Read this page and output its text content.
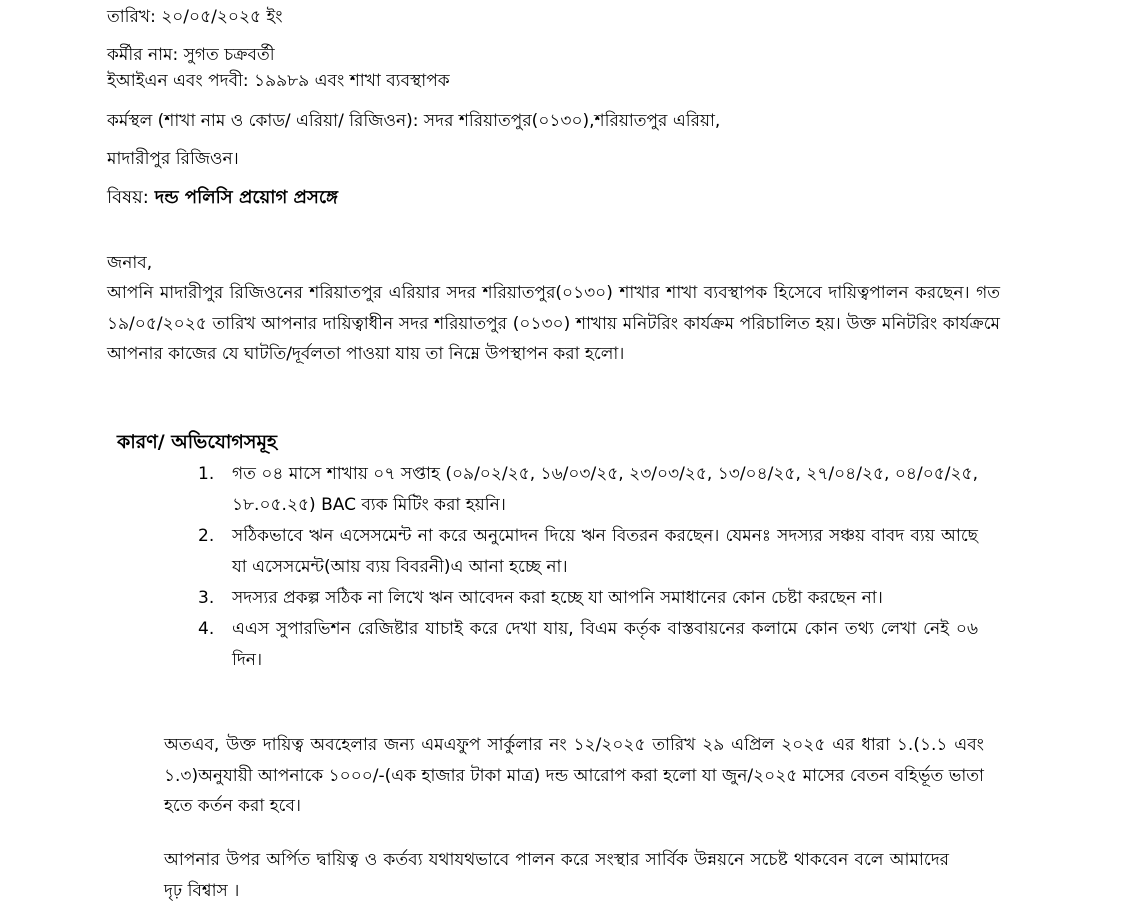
তারিখ: ২০/০৫/২০২৫ ইং

কর্মীর নাম: সুগত চক্রবর্তী

ইআইএন এবং পদবী: ১৯৯৮৯ এবং শাখা ব্যবস্থাপক

কর্মস্থল (শাখা নাম ও কোড/ এরিয়া/ রিজিওন): সদর শরিয়াতপুর(০১৩০),শরিয়াতপুর এরিয়া,

মাদারীপুর রিজিওন।

বিষয়: দন্ড পলিসি প্রয়োগ প্রসঙ্গে

জনাব,

আপনি মাদারীপুর রিজিওনের শরিয়াতপুর এরিয়ার সদর শরিয়াতপুর(০১৩০) শাখার শাখা ব্যবস্থাপক হিসেবে দায়িত্বপালন করছেন। গত ১৯/০৫/২০২৫ তারিখ আপনার দায়িত্বাধীন সদর শরিয়াতপুর (০১৩০) শাখায় মনিটরিং কার্যক্রম পরিচালিত হয়। উক্ত মনিটরিং কার্যক্রমে আপনার কাজের যে ঘাটতি/দূর্বলতা পাওয়া যায় তা নিম্নে উপস্থাপন করা হলো।

কারণ/ অভিযোগসমূহ
1.	গত ০৪ মাসে শাখায় ০৭ সপ্তাহ (০৯/০২/২৫, ১৬/০৩/২৫, ২৩/০৩/২৫, ১৩/০৪/২৫, ২৭/০৪/২৫, ০৪/০৫/২৫, ১৮.০৫.২৫) BAC ব্যক মিটিং করা হয়নি।
2.	সঠিকভাবে ঋন এসেসমেন্ট না করে অনুমোদন দিয়ে ঋন বিতরন করছেন। যেমনঃ সদস্যর সঞ্চয় বাবদ ব্যয় আছে যা এসেসমেন্ট(আয় ব্যয় বিবরনী)এ আনা হচ্ছে না।
3.	সদস্যর প্রকল্প সঠিক না লিখে ঋন আবেদন করা হচ্ছে যা আপনি সমাধানের কোন চেষ্টা করছেন না।
4.	এএস সুপারভিশন রেজিষ্টার যাচাই করে দেখা যায়, বিএম কর্তৃক বাস্তবায়নের কলামে কোন তথ্য লেখা নেই ০৬ দিন।

অতএব, উক্ত দায়িত্ব অবহেলার জন্য এমএফুপ সার্কুলার নং ১২/২০২৫ তারিখ ২৯ এপ্রিল ২০২৫ এর ধারা ১.(১.১ এবং ১.৩)অনুযায়ী আপনাকে ১০০০/-(এক হাজার টাকা মাত্র) দন্ড আরোপ করা হলো যা জুন/২০২৫ মাসের বেতন বহির্ভূত ভাতা হতে কর্তন করা হবে।

আপনার উপর অর্পিত দ্বায়িত্ব ও কর্তব্য যথাযথভাবে পালন করে সংস্থার সার্বিক উন্নয়নে সচেষ্ট থাকবেন বলে আমাদের দৃঢ় বিশ্বাস ।
